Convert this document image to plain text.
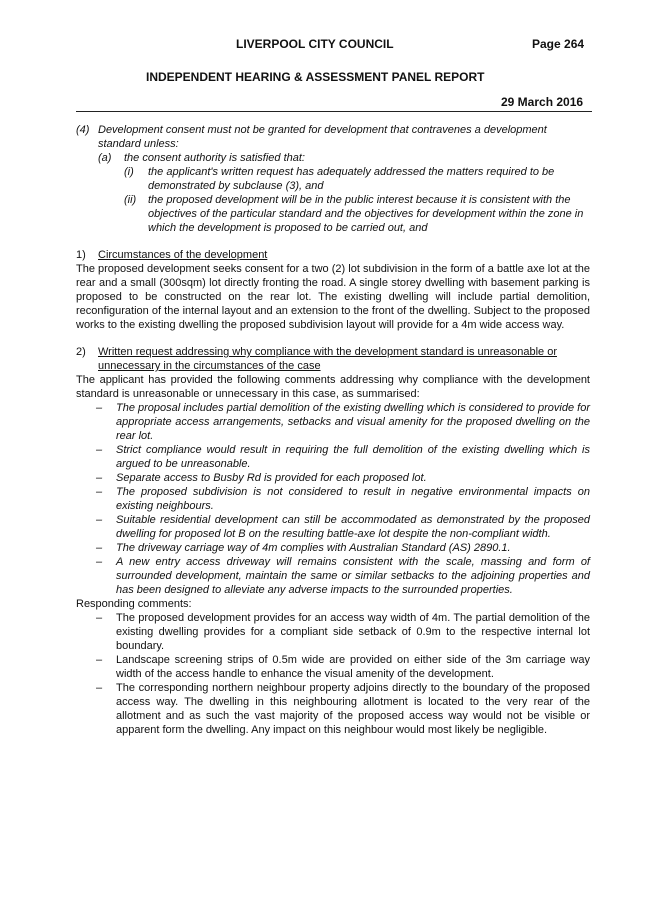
LIVERPOOL CITY COUNCIL	Page 264
INDEPENDENT HEARING & ASSESSMENT PANEL REPORT
29 March 2016
(4) Development consent must not be granted for development that contravenes a development standard unless:
(a)	the consent authority is satisfied that:
(i)	the applicant's written request has adequately addressed the matters required to be demonstrated by subclause (3), and
(ii)	the proposed development will be in the public interest because it is consistent with the objectives of the particular standard and the objectives for development within the zone in which the development is proposed to be carried out, and
1)	Circumstances of the development

The proposed development seeks consent for a two (2) lot subdivision in the form of a battle axe lot at the rear and a small (300sqm) lot directly fronting the road. A single storey dwelling with basement parking is proposed to be constructed on the rear lot. The existing dwelling will include partial demolition, reconfiguration of the internal layout and an extension to the front of the dwelling. Subject to the proposed works to the existing dwelling the proposed subdivision layout will provide for a 4m wide access way.

2)	Written request addressing why compliance with the development standard is unreasonable or unnecessary in the circumstances of the case

The applicant has provided the following comments addressing why compliance with the development standard is unreasonable or unnecessary in this case, as summarised:

– The proposal includes partial demolition of the existing dwelling which is considered to provide for appropriate access arrangements, setbacks and visual amenity for the proposed dwelling on the rear lot.
– Strict compliance would result in requiring the full demolition of the existing dwelling which is argued to be unreasonable.
– Separate access to Busby Rd is provided for each proposed lot.
– The proposed subdivision is not considered to result in negative environmental impacts on existing neighbours.
– Suitable residential development can still be accommodated as demonstrated by the proposed dwelling for proposed lot B on the resulting battle-axe lot despite the non-compliant width.
– The driveway carriage way of 4m complies with Australian Standard (AS) 2890.1.
– A new entry access driveway will remains consistent with the scale, massing and form of surrounded development, maintain the same or similar setbacks to the adjoining properties and has been designed to alleviate any adverse impacts to the surrounded properties.

Responding comments:

– The proposed development provides for an access way width of 4m. The partial demolition of the existing dwelling provides for a compliant side setback of 0.9m to the respective internal lot boundary.
– Landscape screening strips of 0.5m wide are provided on either side of the 3m carriage way width of the access handle to enhance the visual amenity of the development.
– The corresponding northern neighbour property adjoins directly to the boundary of the proposed access way. The dwelling in this neighbouring allotment is located to the very rear of the allotment and as such the vast majority of the proposed access way would not be visible or apparent form the dwelling. Any impact on this neighbour would most likely be negligible.
